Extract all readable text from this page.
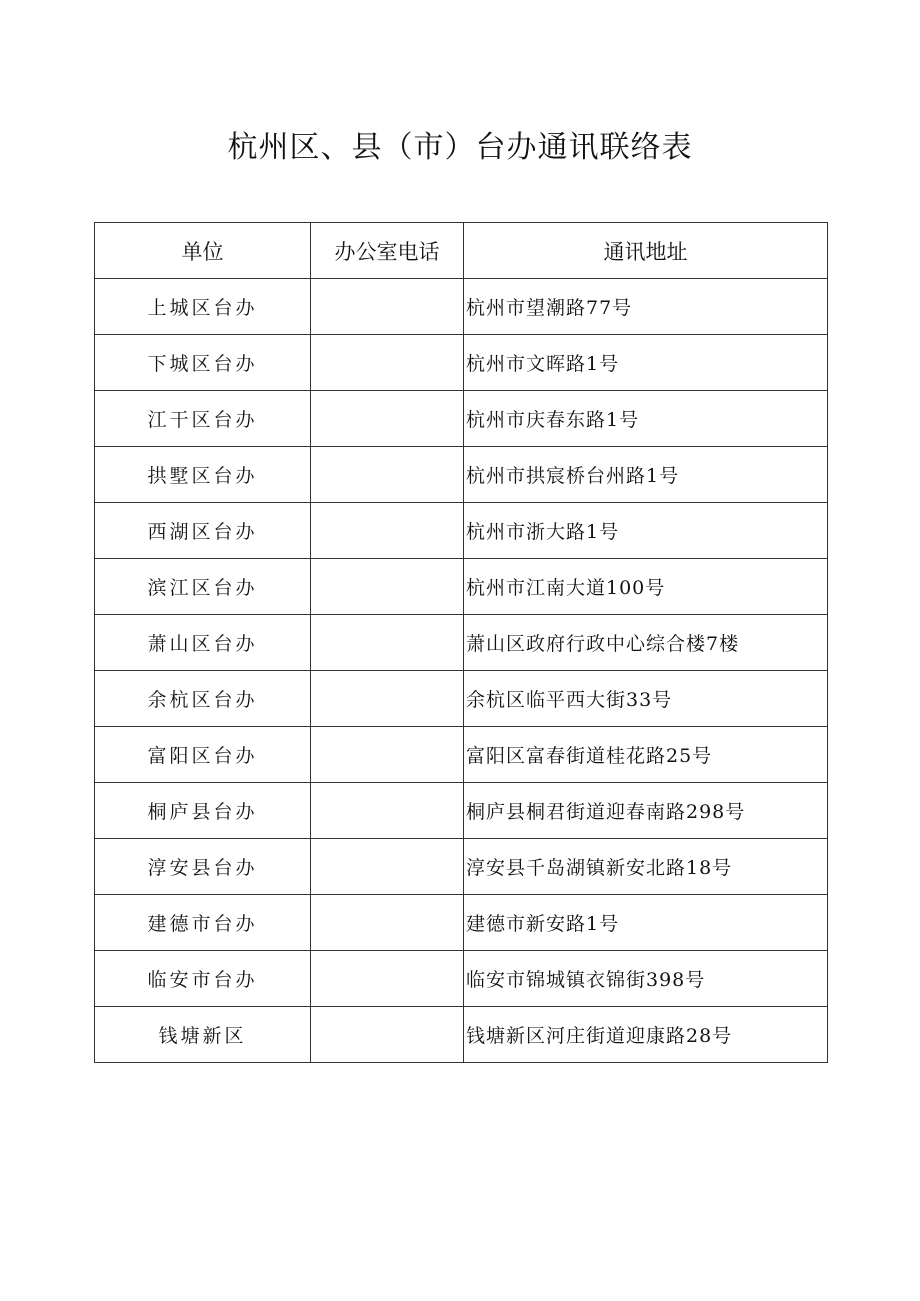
杭州区、县（市）台办通讯联络表
单位	办公室电话	通讯地址
上城区台办		杭州市望潮路77号
下城区台办		杭州市文晖路1号
江干区台办		杭州市庆春东路1号
拱墅区台办		杭州市拱宸桥台州路1号
西湖区台办		杭州市浙大路1号
滨江区台办		杭州市江南大道100号
萧山区台办		萧山区政府行政中心综合楼7楼
余杭区台办		余杭区临平西大街33号
富阳区台办		富阳区富春街道桂花路25号
桐庐县台办		桐庐县桐君街道迎春南路298号
淳安县台办		淳安县千岛湖镇新安北路18号
建德市台办		建德市新安路1号
临安市台办		临安市锦城镇衣锦街398号
钱塘新区		钱塘新区河庄街道迎康路28号
